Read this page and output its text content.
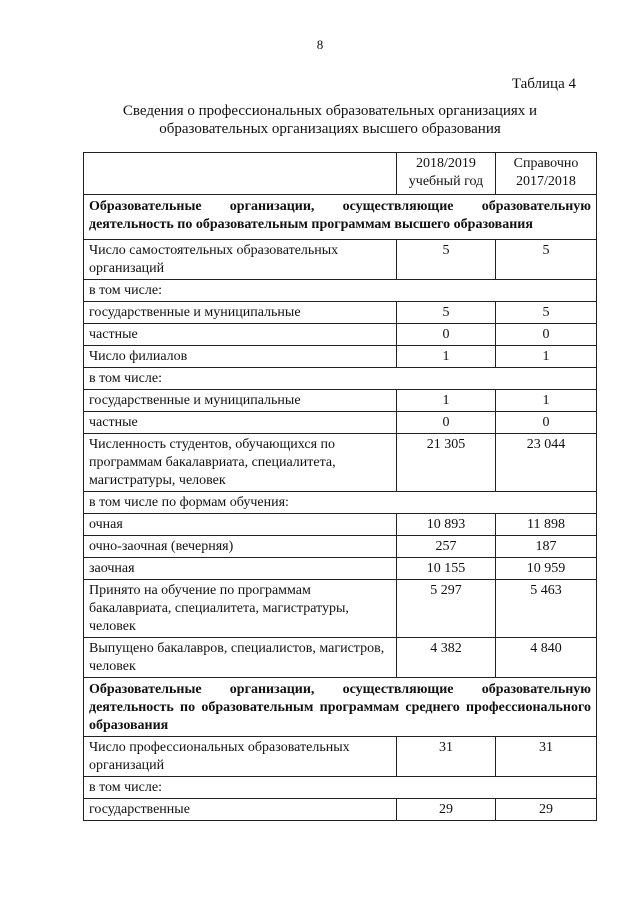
8
Таблица 4
Сведения о профессиональных образовательных организациях и
образовательных организациях высшего образования
	2018/2019 учебный год	Справочно 2017/2018
Образовательные организации, осуществляющие образовательную деятельность по образовательным программам высшего образования		
Число самостоятельных образовательных организаций	5	5
в том числе:		
государственные и муниципальные	5	5
частные	0	0
Число филиалов	1	1
в том числе:		
государственные и муниципальные	1	1
частные	0	0
Численность студентов, обучающихся по программам бакалавриата, специалитета, магистратуры, человек	21 305	23 044
в том числе по формам обучения:		
очная	10 893	11 898
очно-заочная (вечерняя)	257	187
заочная	10 155	10 959
Принято на обучение по программам бакалавриата, специалитета, магистратуры, человек	5 297	5 463
Выпущено бакалавров, специалистов, магистров, человек	4 382	4 840
Образовательные организации, осуществляющие образовательную деятельность по образовательным программам среднего профессионального образования		
Число профессиональных образовательных организаций	31	31
в том числе:		
государственные	29	29
